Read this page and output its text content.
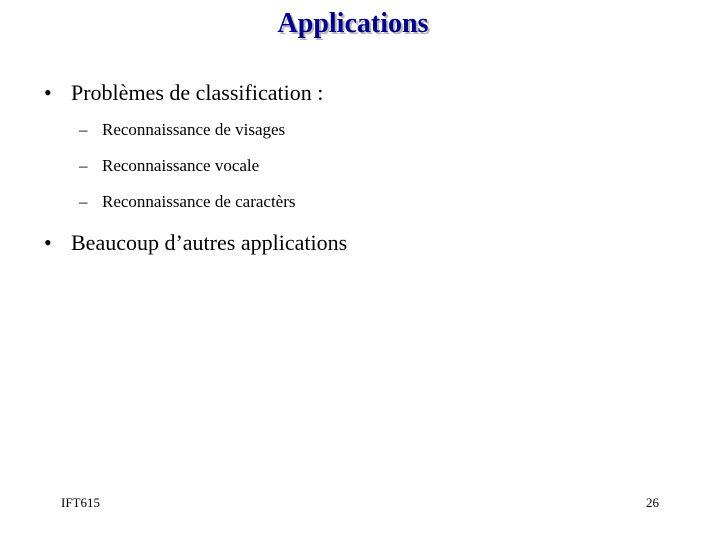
Applications
• Problèmes de classification :
– Reconnaissance de visages
– Reconnaissance vocale
– Reconnaissance de caractèrs
• Beaucoup d’autres applications
IFT615	26
